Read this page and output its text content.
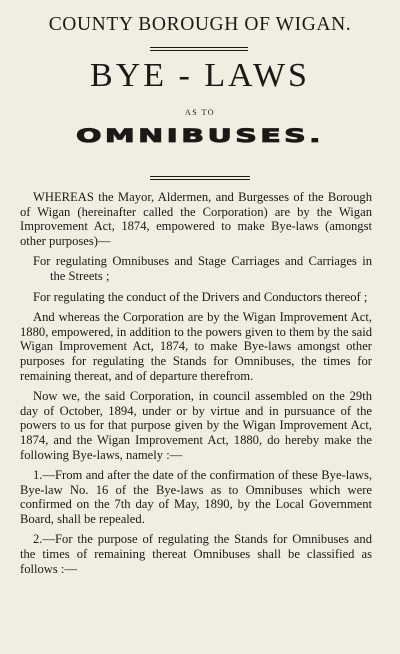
COUNTY BOROUGH OF WIGAN.
BYE - LAWS
AS TO
OMNIBUSES.

WHEREAS the Mayor, Aldermen, and Burgesses of the Borough of Wigan (hereinafter called the Corporation) are by the Wigan Improvement Act, 1874, empowered to make Bye-laws (amongst other purposes)—

For regulating Omnibuses and Stage Carriages and Carriages in the Streets ;

For regulating the conduct of the Drivers and Conductors thereof ;

And whereas the Corporation are by the Wigan Improvement Act, 1880, empowered, in addition to the powers given to them by the said Wigan Improvement Act, 1874, to make Bye-laws amongst other purposes for regulating the Stands for Omnibuses, the times for remaining thereat, and of departure therefrom.

Now we, the said Corporation, in council assembled on the 29th day of October, 1894, under or by virtue and in pursuance of the powers to us for that purpose given by the Wigan Improvement Act, 1874, and the Wigan Improvement Act, 1880, do hereby make the following Bye-laws, namely :—

1.—From and after the date of the confirmation of these Bye-laws, Bye-law No. 16 of the Bye-laws as to Omnibuses which were confirmed on the 7th day of May, 1890, by the Local Government Board, shall be repealed.

2.—For the purpose of regulating the Stands for Omnibuses and the times of remaining thereat Omnibuses shall be classified as follows :—
